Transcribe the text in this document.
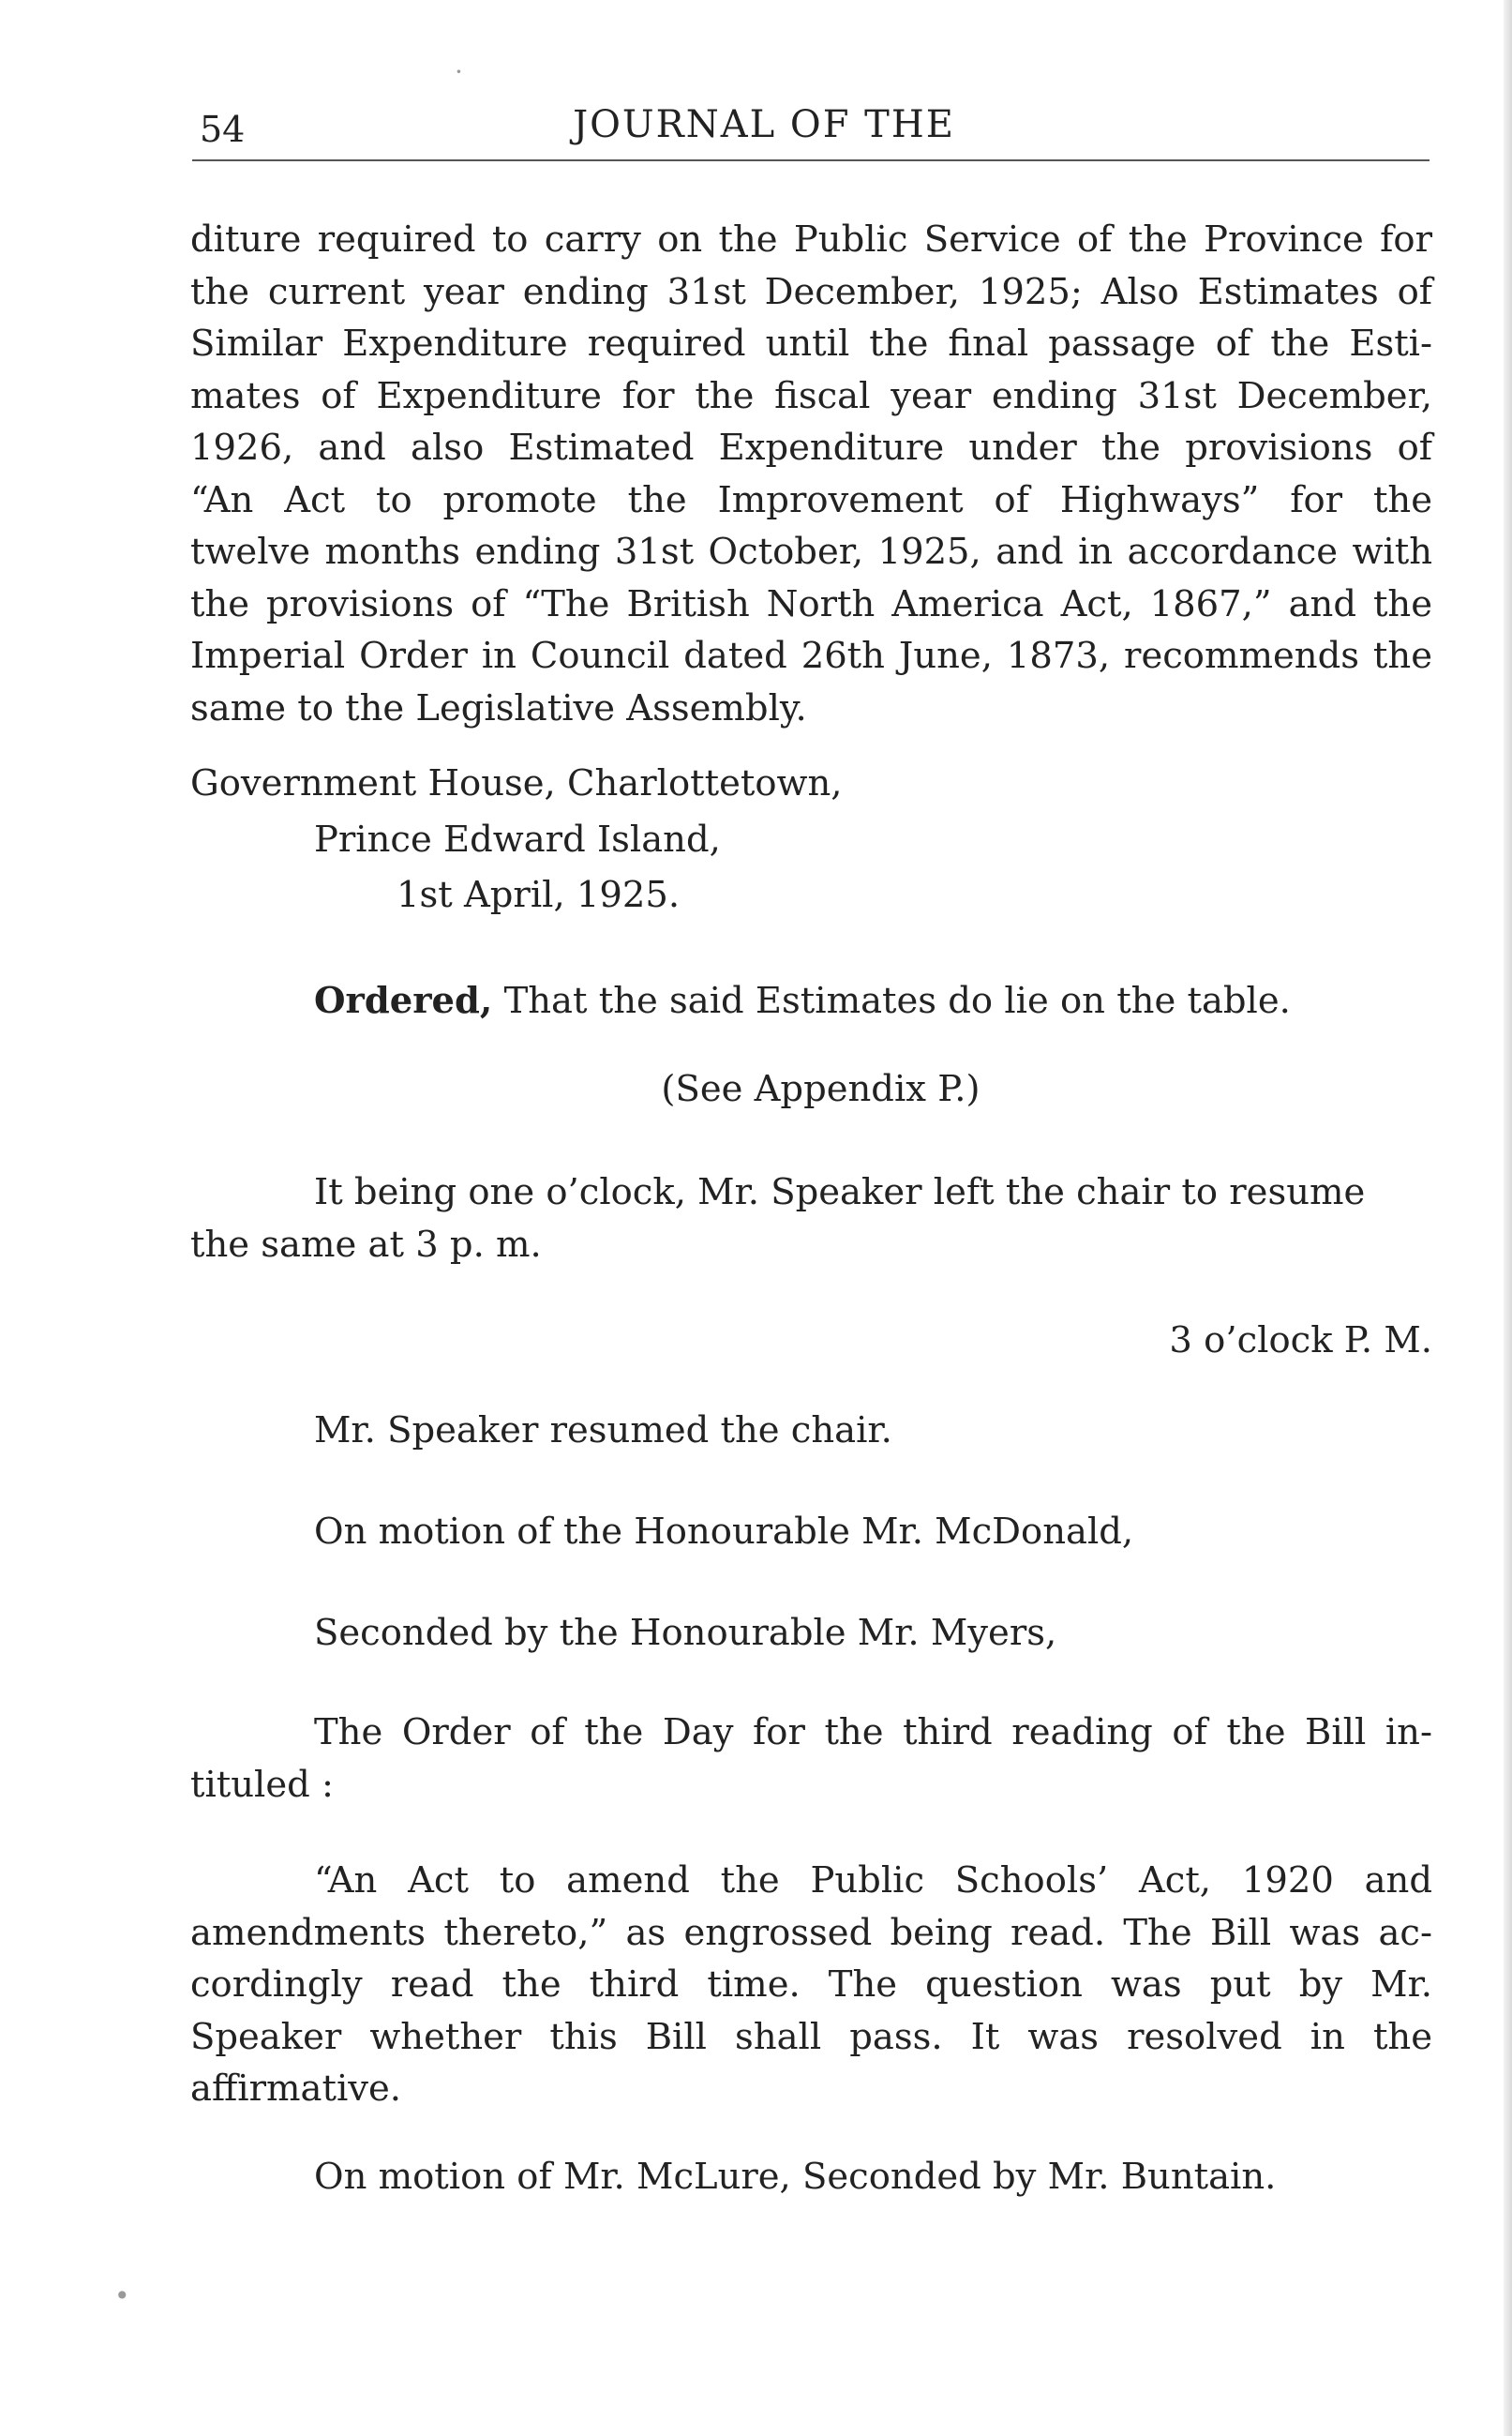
54	JOURNAL OF THE
diture required to carry on the Public Service of the Province for
the current year ending 31st December, 1925; Also Estimates of
Similar Expenditure required until the final passage of the Esti-
mates of Expenditure for the fiscal year ending 31st December,
1926, and also Estimated Expenditure under the provisions of
“An Act to promote the Improvement of Highways” for the
twelve months ending 31st October, 1925, and in accordance with
the provisions of “The British North America Act, 1867,” and the
Imperial Order in Council dated 26th June, 1873, recommends the
same to the Legislative Assembly.
Government House, Charlottetown,
Prince Edward Island,
1st April, 1925.
Ordered, That the said Estimates do lie on the table.
(See Appendix P.)
It being one o’clock, Mr. Speaker left the chair to resume
the same at 3 p. m.
3 o’clock P. M.
Mr. Speaker resumed the chair.
On motion of the Honourable Mr. McDonald,
Seconded by the Honourable Mr. Myers,
The Order of the Day for the third reading of the Bill in-
tituled :
“An Act to amend the Public Schools’ Act, 1920 and
amendments thereto,” as engrossed being read. The Bill was ac-
cordingly read the third time. The question was put by Mr.
Speaker whether this Bill shall pass. It was resolved in the
affirmative.
On motion of Mr. McLure, Seconded by Mr. Buntain.
·
•
